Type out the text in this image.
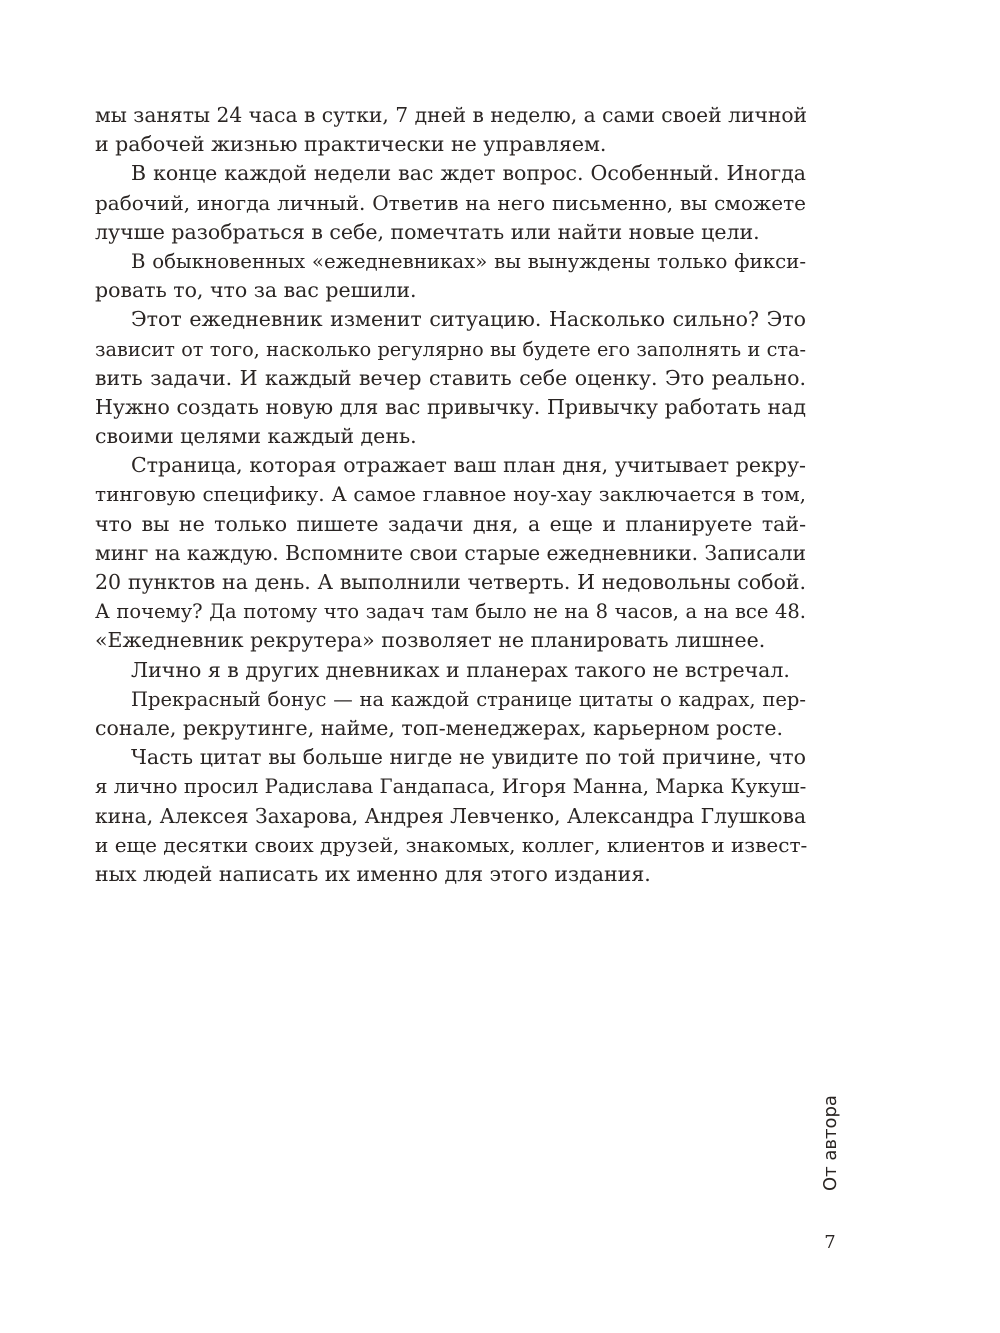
мы заняты 24 часа в сутки, 7 дней в неделю, а сами своей личной
и рабочей жизнью практически не управляем.
В конце каждой недели вас ждет вопрос. Особенный. Иногда
рабочий, иногда личный. Ответив на него письменно, вы сможете
лучше разобраться в себе, помечтать или найти новые цели.
В обыкновенных «ежедневниках» вы вынуждены только фикси-
ровать то, что за вас решили.
Этот ежедневник изменит ситуацию. Насколько сильно? Это
зависит от того, насколько регулярно вы будете его заполнять и ста-
вить задачи. И каждый вечер ставить себе оценку. Это реально.
Нужно создать новую для вас привычку. Привычку работать над
своими целями каждый день.
Страница, которая отражает ваш план дня, учитывает рекру-
тинговую специфику. А самое главное ноу-хау заключается в том,
что вы не только пишете задачи дня, а еще и планируете тай-
минг на каждую. Вспомните свои старые ежедневники. Записали
20 пунктов на день. А выполнили четверть. И недовольны собой.
А почему? Да потому что задач там было не на 8 часов, а на все 48.
«Ежедневник рекрутера» позволяет не планировать лишнее.
Лично я в других дневниках и планерах такого не встречал.
Прекрасный бонус — на каждой странице цитаты о кадрах, пер-
сонале, рекрутинге, найме, топ-менеджерах, карьерном росте.
Часть цитат вы больше нигде не увидите по той причине, что
я лично просил Радислава Гандапаса, Игоря Манна, Марка Кукуш-
кина, Алексея Захарова, Андрея Левченко, Александра Глушкова
и еще десятки своих друзей, знакомых, коллег, клиентов и извест-
ных людей написать их именно для этого издания.
От автора
7
